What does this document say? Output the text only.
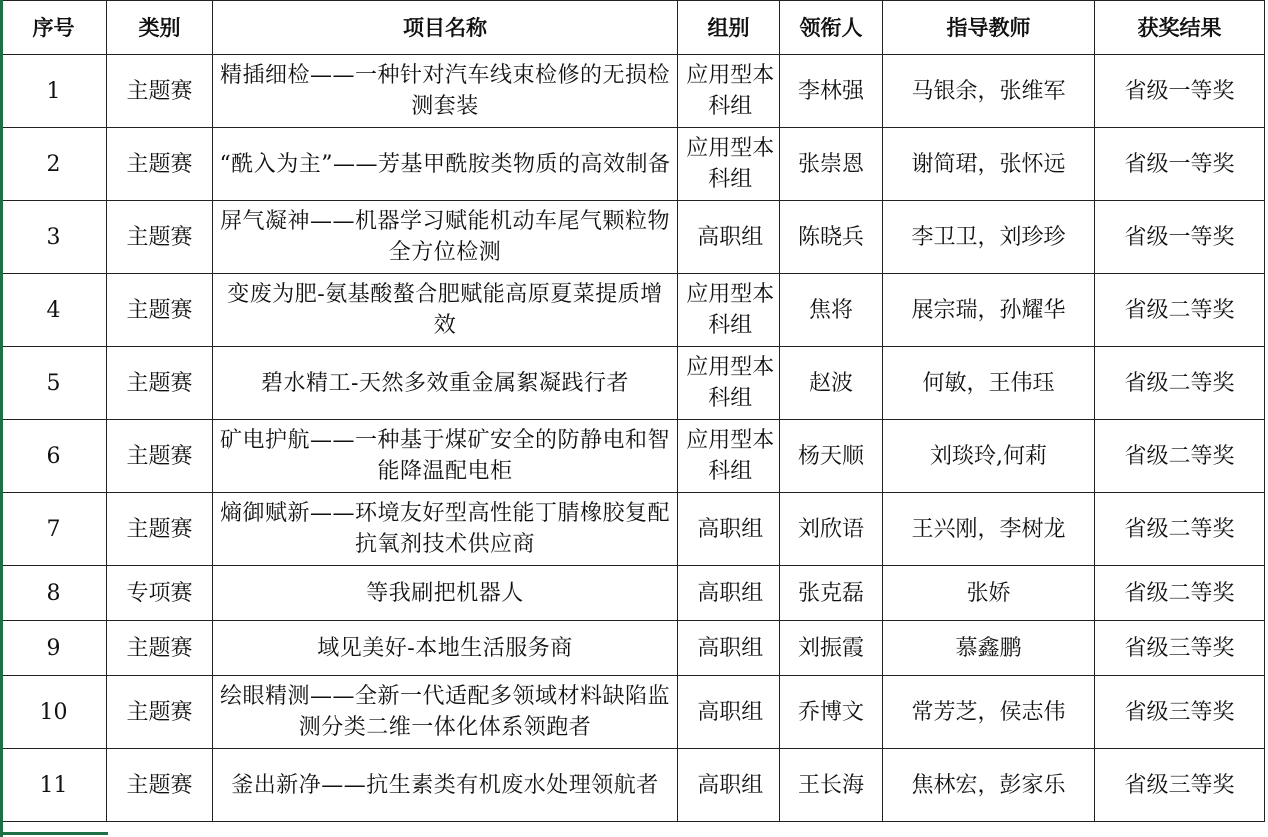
序号	类别	项目名称	组别	领衔人	指导教师	获奖结果
1	主题赛	精插细检——一种针对汽车线束检修的无损检测套装	应用型本科组	李林强	马银余，张维军	省级一等奖
2	主题赛	“酰入为主”——芳基甲酰胺类物质的高效制备	应用型本科组	张崇恩	谢简珺，张怀远	省级一等奖
3	主题赛	屏气凝神——机器学习赋能机动车尾气颗粒物全方位检测	高职组	陈晓兵	李卫卫，刘珍珍	省级一等奖
4	主题赛	变废为肥-氨基酸螯合肥赋能高原夏菜提质增效	应用型本科组	焦将	展宗瑞，孙耀华	省级二等奖
5	主题赛	碧水精工-天然多效重金属絮凝践行者	应用型本科组	赵波	何敏，王伟珏	省级二等奖
6	主题赛	矿电护航——一种基于煤矿安全的防静电和智能降温配电柜	应用型本科组	杨天顺	刘琰玲,何莉	省级二等奖
7	主题赛	熵御赋新——环境友好型高性能丁腈橡胶复配抗氧剂技术供应商	高职组	刘欣语	王兴刚，李树龙	省级二等奖
8	专项赛	等我刷把机器人	高职组	张克磊	张娇	省级二等奖
9	主题赛	域见美好-本地生活服务商	高职组	刘振霞	慕鑫鹏	省级三等奖
10	主题赛	绘眼精测——全新一代适配多领域材料缺陷监测分类二维一体化体系领跑者	高职组	乔博文	常芳芝，侯志伟	省级三等奖
11	主题赛	釜出新净——抗生素类有机废水处理领航者	高职组	王长海	焦林宏，彭家乐	省级三等奖
